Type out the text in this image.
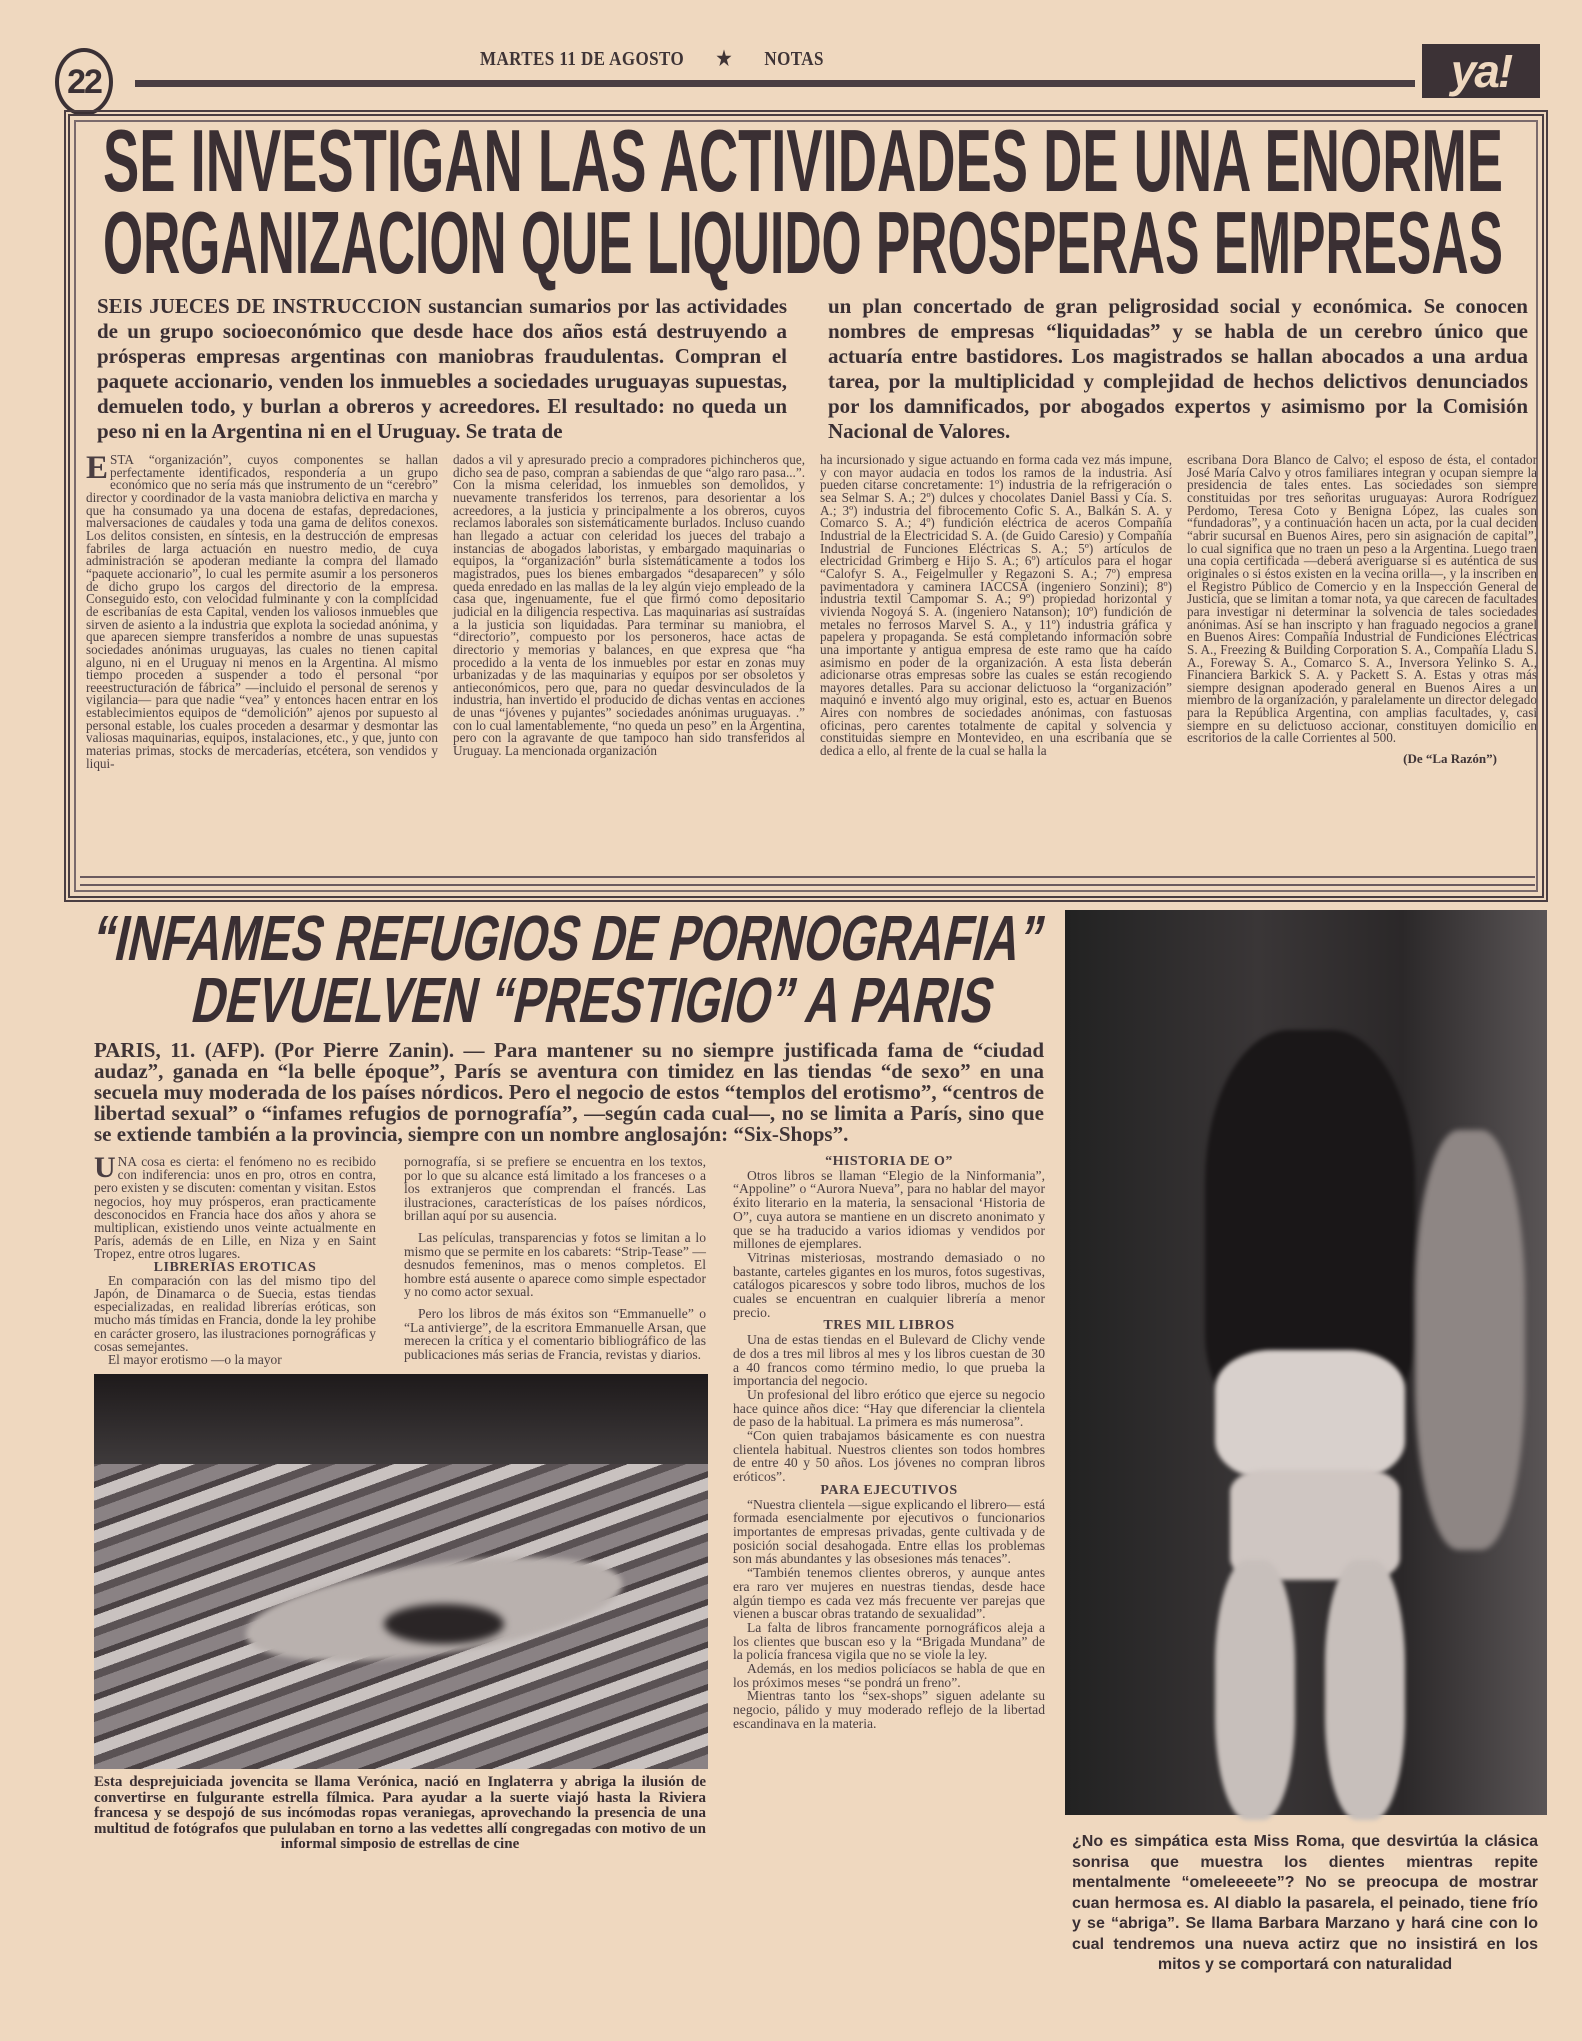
22
MARTES 11 DE AGOSTO ★ NOTAS	ya!
SE INVESTIGAN LAS ACTIVIDADES DE UNA ENORME
ORGANIZACION QUE LIQUIDO PROSPERAS EMPRESAS
SEIS JUECES DE INSTRUCCION sustancian sumarios por las actividades de un grupo socioeconómico que desde hace dos años está destruyendo a prósperas empresas argentinas con maniobras fraudulentas. Compran el paquete accionario, venden los inmuebles a sociedades uruguayas supuestas, demuelen todo, y burlan a obreros y acreedores. El resultado: no queda un peso ni en la Argentina ni en el Uruguay. Se trata de
un plan concertado de gran peligrosidad social y económica. Se conocen nombres de empresas “liquidadas” y se habla de un cerebro único que actuaría entre bastidores. Los magistrados se hallan abocados a una ardua tarea, por la multiplicidad y complejidad de hechos delictivos denunciados por los damnificados, por abogados expertos y asimismo por la Comisión Nacional de Valores.
ESTA “organización”, cuyos componentes se hallan perfectamente identificados, respondería a un grupo económico que no sería más que instrumento de un “cerebro” director y coordinador de la vasta maniobra delictiva en marcha y que ha consumado ya una docena de estafas, depredaciones, malversaciones de caudales y toda una gama de delitos conexos. Los delitos consisten, en síntesis, en la destrucción de empresas fabriles de larga actuación en nuestro medio, de cuya administración se apoderan mediante la compra del llamado “paquete accionario”, lo cual les permite asumir a los personeros de dicho grupo los cargos del directorio de la empresa. Conseguido esto, con velocidad fulminante y con la complicidad de escribanías de esta Capital, venden los valiosos inmuebles que sirven de asiento a la industria que explota la sociedad anónima, y que aparecen siempre transferidos a nombre de unas supuestas sociedades anónimas uruguayas, las cuales no tienen capital alguno, ni en el Uruguay ni menos en la Argentina. Al mismo tiempo proceden a suspender a todo el personal “por reeestructuración de fábrica” —incluido el personal de serenos y vigilancia— para que nadie “vea” y entonces hacen entrar en los establecimientos equipos de “demolición” ajenos por supuesto al personal estable, los cuales proceden a desarmar y desmontar las valiosas maquinarias, equipos, instalaciones, etc., y que, junto con materias primas, stocks de mercaderías, etcétera, son vendidos y liqui-
dados a vil y apresurado precio a compradores pichincheros que, dicho sea de paso, compran a sabiendas de que “algo raro pasa...”. Con la misma celeridad, los inmuebles son demolidos, y nuevamente transferidos los terrenos, para desorientar a los acreedores, a la justicia y principalmente a los obreros, cuyos reclamos laborales son sistemáticamente burlados. Incluso cuando han llegado a actuar con celeridad los jueces del trabajo a instancias de abogados laboristas, y embargado maquinarias o equipos, la “organización” burla sistemáticamente a todos los magistrados, pues los bienes embargados “desaparecen” y sólo queda enredado en las mallas de la ley algún viejo empleado de la casa que, ingenuamente, fue el que firmó como depositario judicial en la diligencia respectiva. Las maquinarias así sustraídas a la justicia son liquidadas. Para terminar su maniobra, el “directorio”, compuesto por los personeros, hace actas de directorio y memorias y balances, en que expresa que “ha procedido a la venta de los inmuebles por estar en zonas muy urbanizadas y de las maquinarias y equipos por ser obsoletos y antieconómicos, pero que, para no quedar desvinculados de la industria, han invertido el producido de dichas ventas en acciones de unas “jóvenes y pujantes” sociedades anónimas uruguayas. .” con lo cual lamentablemente, “no queda un peso” en la Argentina, pero con la agravante de que tampoco han sido transferidos al Uruguay. La mencionada organización
ha incursionado y sigue actuando en forma cada vez más impune, y con mayor audacia en todos los ramos de la industria. Así pueden citarse concretamente: 1º) industria de la refrigeración o sea Selmar S. A.; 2º) dulces y chocolates Daniel Bassi y Cía. S. A.; 3º) industria del fibrocemento Cofic S. A., Balkán S. A. y Comarco S. A.; 4º) fundición eléctrica de aceros Compañía Industrial de la Electricidad S. A. (de Guido Caresio) y Compañía Industrial de Funciones Eléctricas S. A.; 5º) artículos de electricidad Grimberg e Hijo S. A.; 6º) artículos para el hogar “Calofyr S. A., Feigelmuller y Regazoni S. A.; 7º) empresa pavimentadora y caminera IACCSA (ingeniero Sonzini); 8º) industria textil Campomar S. A.; 9º) propiedad horizontal y vivienda Nogoyá S. A. (ingeniero Natanson); 10º) fundición de metales no ferrosos Marvel S. A., y 11º) industria gráfica y papelera y propaganda. Se está completando información sobre una importante y antigua empresa de este ramo que ha caído asimismo en poder de la organización. A esta lista deberán adicionarse otras empresas sobre las cuales se están recogiendo mayores detalles. Para su accionar delictuoso la “organización” maquinó e inventó algo muy original, esto es, actuar en Buenos Aires con nombres de sociedades anónimas, con fastuosas oficinas, pero carentes totalmente de capital y solvencia y constituidas siempre en Montevideo, en una escribanía que se dedica a ello, al frente de la cual se halla la
escribana Dora Blanco de Calvo; el esposo de ésta, el contador José María Calvo y otros familiares integran y ocupan siempre la presidencia de tales entes. Las sociedades son siempre constituidas por tres señoritas uruguayas: Aurora Rodríguez Perdomo, Teresa Coto y Benigna López, las cuales son “fundadoras”, y a continuación hacen un acta, por la cual deciden “abrir sucursal en Buenos Aires, pero sin asignación de capital”, lo cual significa que no traen un peso a la Argentina. Luego traen una copia certificada —deberá averiguarse si es auténtica de sus originales o si éstos existen en la vecina orilla—, y la inscriben en el Registro Público de Comercio y en la Inspección General de Justicia, que se limitan a tomar nota, ya que carecen de facultades para investigar ni determinar la solvencia de tales sociedades anónimas. Así se han inscripto y han fraguado negocios a granel en Buenos Aires: Compañía Industrial de Fundiciones Eléctricas S. A., Freezing & Building Corporation S. A., Compañía Lladu S. A., Foreway S. A., Comarco S. A., Inversora Yelinko S. A., Financiera Barkick S. A. y Packett S. A. Estas y otras más siempre designan apoderado general en Buenos Aires a un miembro de la organización, y paralelamente un director delegado para la República Argentina, con amplias facultades, y, casi siempre en su delictuoso accionar, constituyen domicilio en escritorios de la calle Corrientes al 500.
(De “La Razón”)
“INFAMES REFUGIOS DE PORNOGRAFIA”
DEVUELVEN “PRESTIGIO” A PARIS
PARIS, 11. (AFP). (Por Pierre Zanin). — Para mantener su no siempre justificada fama de “ciudad audaz”, ganada en “la belle époque”, París se aventura con timidez en las tiendas “de sexo” en una secuela muy moderada de los países nórdicos. Pero el negocio de estos “templos del erotismo”, “centros de libertad sexual” o “infames refugios de pornografía”, —según cada cual—, no se limita a París, sino que se extiende también a la provincia, siempre con un nombre anglosajón: “Six-Shops”.

UNA cosa es cierta: el fenómeno no es recibido con indiferencia: unos en pro, otros en contra, pero existen y se discuten: comentan y visitan. Estos negocios, hoy muy prósperos, eran practicamente desconocidos en Francia hace dos años y ahora se multiplican, existiendo unos veinte actualmente en París, además de en Lille, en Niza y en Saint Tropez, entre otros lugares.

LIBRERIAS EROTICAS

En comparación con las del mismo tipo del Japón, de Dinamarca o de Suecia, estas tiendas especializadas, en realidad librerías eróticas, son mucho más tímidas en Francia, donde la ley prohibe en carácter grosero, las ilustraciones pornográficas y cosas semejantes.

El mayor erotismo —o la mayor

pornografía, si se prefiere se encuentra en los textos, por lo que su alcance está limitado a los franceses o a los extranjeros que comprendan el francés. Las ilustraciones, características de los países nórdicos, brillan aquí por su ausencia.

Las películas, transparencias y fotos se limitan a lo mismo que se permite en los cabarets: “Strip-Tease” —desnudos femeninos, mas o menos completos. El hombre está ausente o aparece como simple espectador y no como actor sexual.

Pero los libros de más éxitos son “Emmanuelle” o “La antivierge”, de la escritora Emmanuelle Arsan, que merecen la crítica y el comentario bibliográfico de las publicaciones más serias de Francia, revistas y diarios.

Esta desprejuiciada jovencita se llama Verónica, nació en Inglaterra y abriga la ilusión de convertirse en fulgurante estrella fílmica. Para ayudar a la suerte viajó hasta la Riviera francesa y se despojó de sus incómodas ropas veraniegas, aprovechando la presencia de una multitud de fotógrafos que pululaban en torno a las vedettes allí congregadas con motivo de un informal simposio de estrellas de cine

“HISTORIA DE O”

Otros libros se llaman “Elegio de la Ninformania”, “Appoline” o “Aurora Nueva”, para no hablar del mayor éxito literario en la materia, la sensacional ‘Historia de O”, cuya autora se mantiene en un discreto anonimato y que se ha traducido a varios idiomas y vendidos por millones de ejemplares.

Vitrinas misteriosas, mostrando demasiado o no bastante, carteles gigantes en los muros, fotos sugestivas, catálogos picarescos y sobre todo libros, muchos de los cuales se encuentran en cualquier librería a menor precio.

TRES MIL LIBROS

Una de estas tiendas en el Bulevard de Clichy vende de dos a tres mil libros al mes y los libros cuestan de 30 a 40 francos como término medio, lo que prueba la importancia del negocio.

Un profesional del libro erótico que ejerce su negocio hace quince años dice: “Hay que diferenciar la clientela de paso de la habitual. La primera es más numerosa”.

“Con quien trabajamos básicamente es con nuestra clientela habitual. Nuestros clientes son todos hombres de entre 40 y 50 años. Los jóvenes no compran libros eróticos”.

PARA EJECUTIVOS

“Nuestra clientela —sigue explicando el librero— está formada esencialmente por ejecutivos o funcionarios importantes de empresas privadas, gente cultivada y de posición social desahogada. Entre ellas los problemas son más abundantes y las obsesiones más tenaces”.

“También tenemos clientes obreros, y aunque antes era raro ver mujeres en nuestras tiendas, desde hace algún tiempo es cada vez más frecuente ver parejas que vienen a buscar obras tratando de sexualidad”.

La falta de libros francamente pornográficos aleja a los clientes que buscan eso y la “Brigada Mundana” de la policía francesa vigila que no se viole la ley.

Además, en los medios policíacos se habla de que en los próximos meses “se pondrá un freno”.

Mientras tanto los “sex-shops” siguen adelante su negocio, pálido y muy moderado reflejo de la libertad escandinava en la materia.

¿No es simpática esta Miss Roma, que desvirtúa la clásica sonrisa que muestra los dientes mientras repite mentalmente “omeleeeete”? No se preocupa de mostrar cuan hermosa es. Al diablo la pasarela, el peinado, tiene frío y se “abriga”. Se llama Barbara Marzano y hará cine con lo cual tendremos una nueva actirz que no insistirá en los mitos y se comportará con naturalidad
